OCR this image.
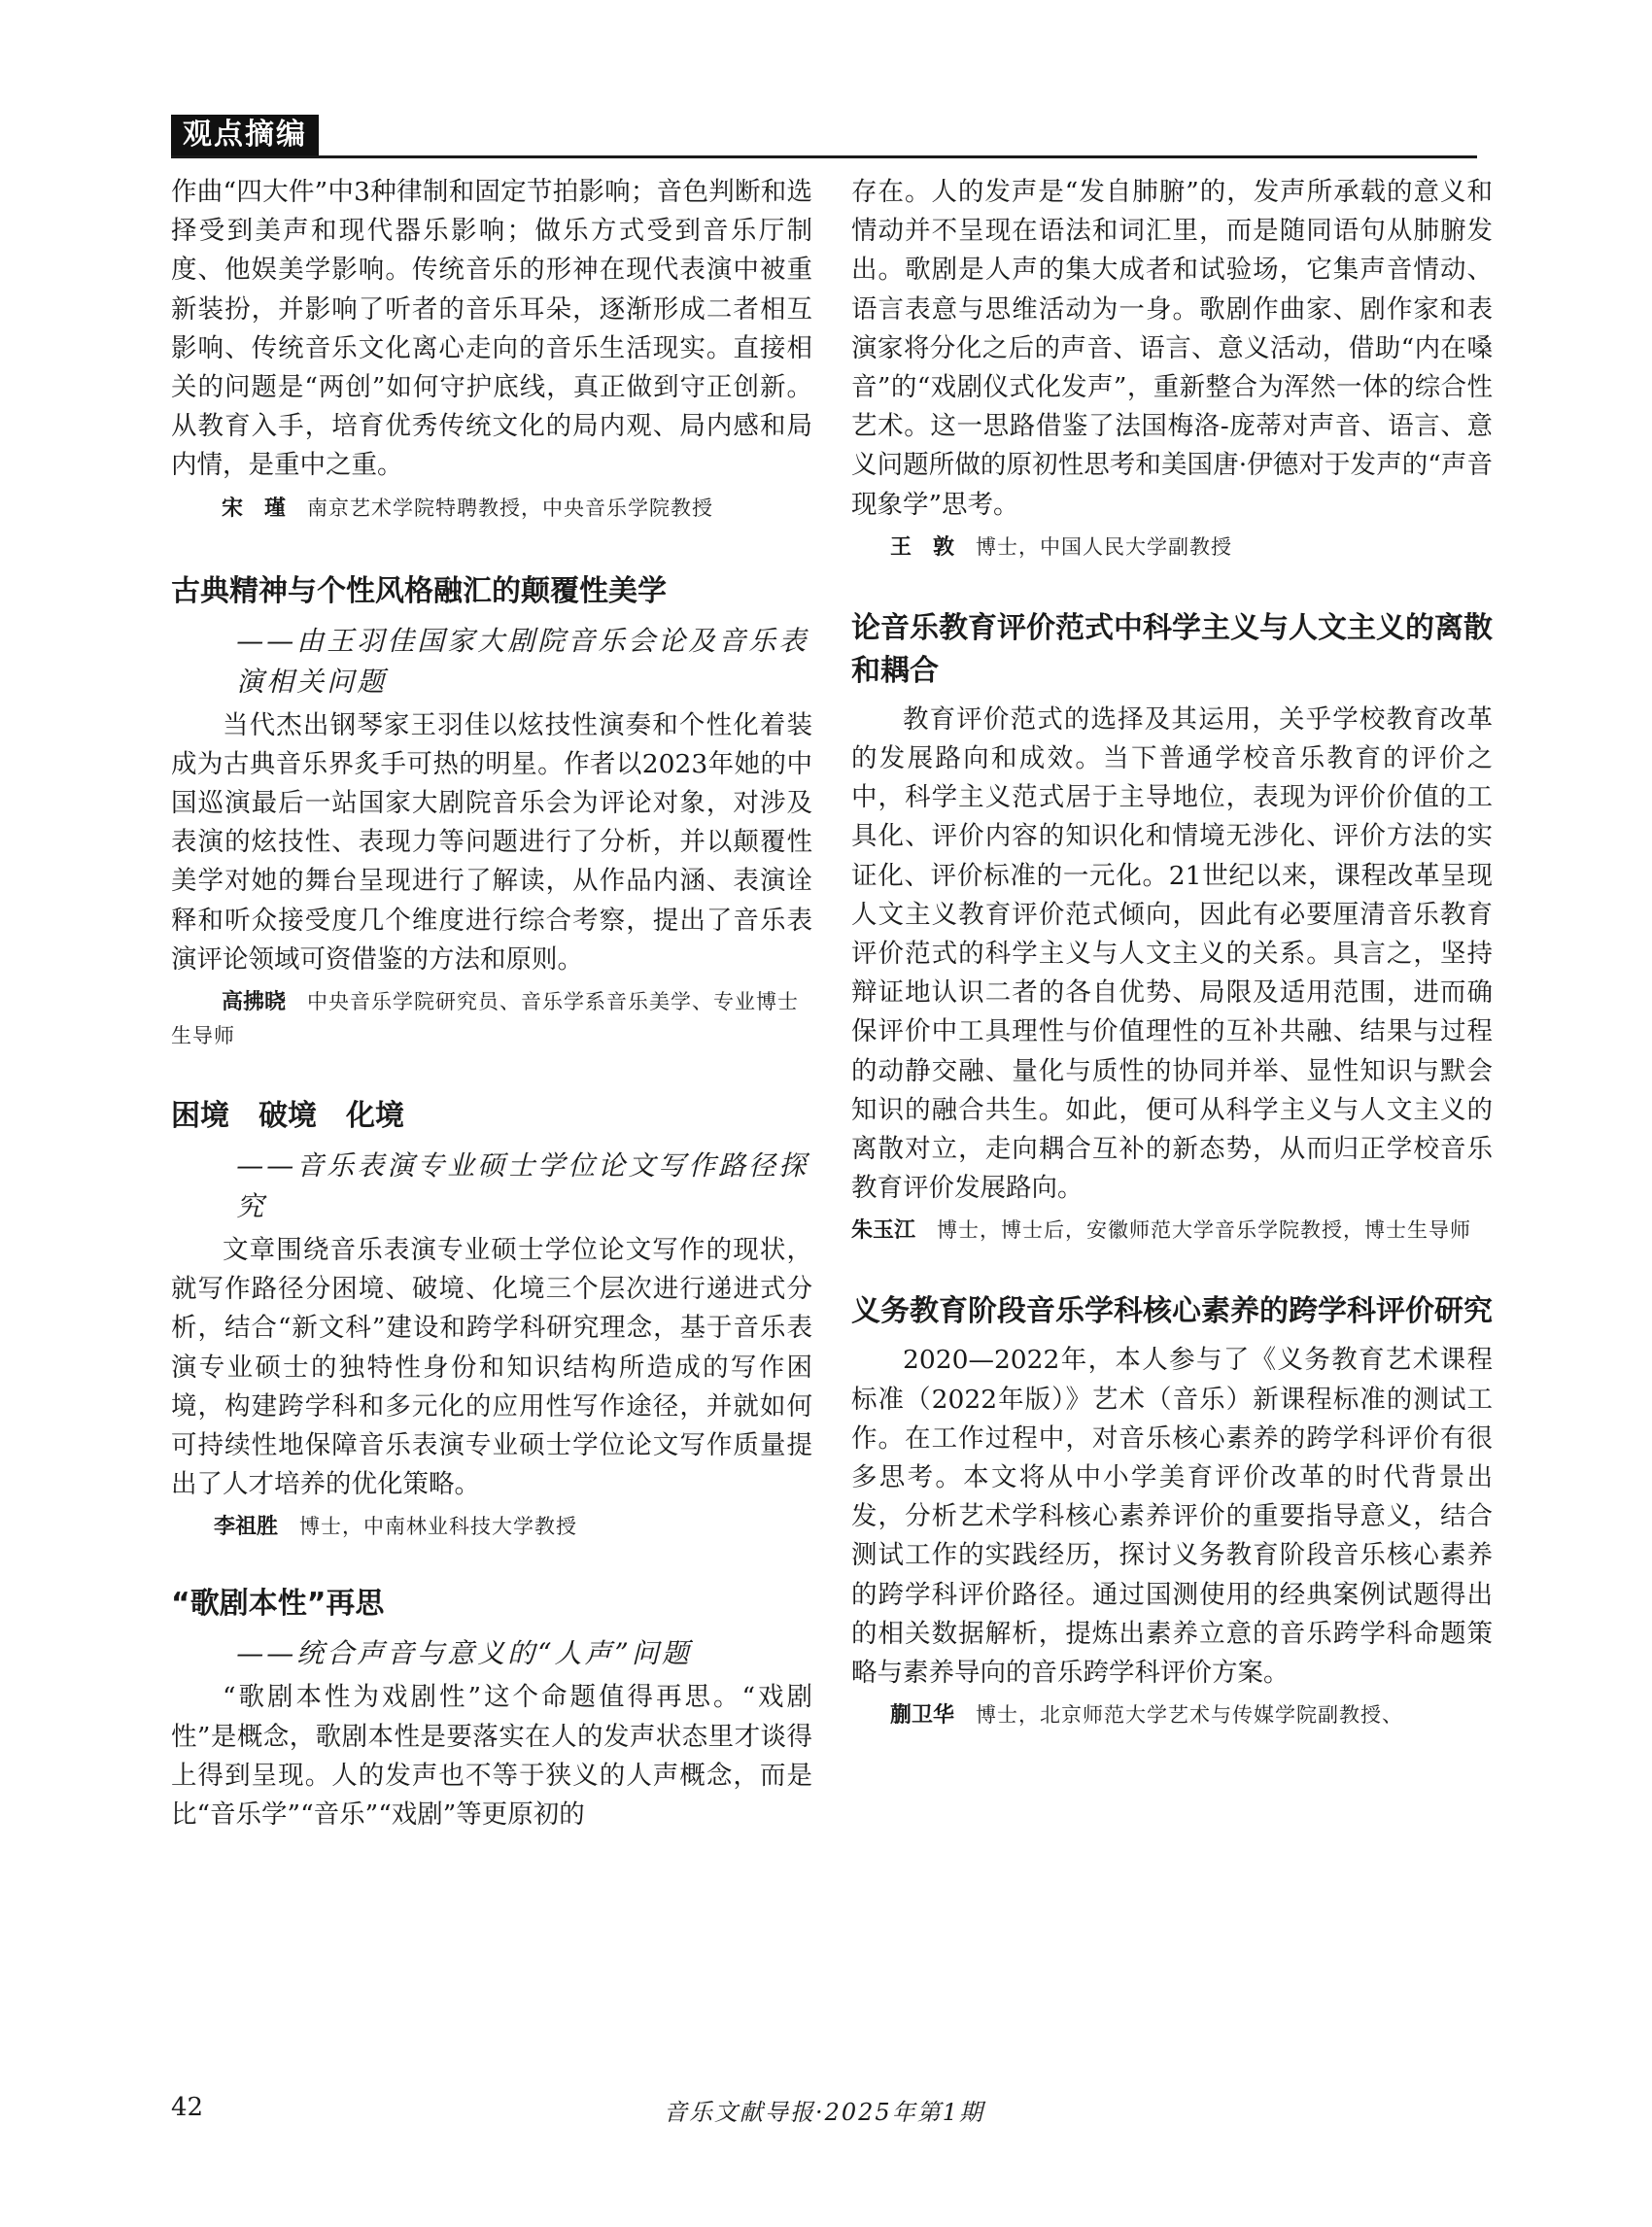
观点摘编

作曲“四大件”中3种律制和固定节拍影响；音色判断和选择受到美声和现代器乐影响；做乐方式受到音乐厅制度、他娱美学影响。传统音乐的形神在现代表演中被重新装扮，并影响了听者的音乐耳朵，逐渐形成二者相互影响、传统音乐文化离心走向的音乐生活现实。直接相关的问题是“两创”如何守护底线，真正做到守正创新。从教育入手，培育优秀传统文化的局内观、局内感和局内情，是重中之重。

宋　瑾 南京艺术学院特聘教授，中央音乐学院教授
古典精神与个性风格融汇的颠覆性美学
——由王羽佳国家大剧院音乐会论及音乐表演相关问题

当代杰出钢琴家王羽佳以炫技性演奏和个性化着装成为古典音乐界炙手可热的明星。作者以2023年她的中国巡演最后一站国家大剧院音乐会为评论对象，对涉及表演的炫技性、表现力等问题进行了分析，并以颠覆性美学对她的舞台呈现进行了解读，从作品内涵、表演诠释和听众接受度几个维度进行综合考察，提出了音乐表演评论领域可资借鉴的方法和原则。

高拂晓 中央音乐学院研究员、音乐学系音乐美学、专业博士生导师
困境　破境　化境
——音乐表演专业硕士学位论文写作路径探究

文章围绕音乐表演专业硕士学位论文写作的现状，就写作路径分困境、破境、化境三个层次进行递进式分析，结合“新文科”建设和跨学科研究理念，基于音乐表演专业硕士的独特性身份和知识结构所造成的写作困境，构建跨学科和多元化的应用性写作途径，并就如何可持续性地保障音乐表演专业硕士学位论文写作质量提出了人才培养的优化策略。

李祖胜 博士，中南林业科技大学教授
“歌剧本性”再思
——统合声音与意义的“人声”问题

“歌剧本性为戏剧性”这个命题值得再思。“戏剧性”是概念，歌剧本性是要落实在人的发声状态里才谈得上得到呈现。人的发声也不等于狭义的人声概念，而是比“音乐学”“音乐”“戏剧”等更原初的

存在。人的发声是“发自肺腑”的，发声所承载的意义和情动并不呈现在语法和词汇里，而是随同语句从肺腑发出。歌剧是人声的集大成者和试验场，它集声音情动、语言表意与思维活动为一身。歌剧作曲家、剧作家和表演家将分化之后的声音、语言、意义活动，借助“内在嗓音”的“戏剧仪式化发声”，重新整合为浑然一体的综合性艺术。这一思路借鉴了法国梅洛-庞蒂对声音、语言、意义问题所做的原初性思考和美国唐·伊德对于发声的“声音现象学”思考。

王　敦 博士，中国人民大学副教授
论音乐教育评价范式中科学主义与人文主义的离散和耦合

教育评价范式的选择及其运用，关乎学校教育改革的发展路向和成效。当下普通学校音乐教育的评价之中，科学主义范式居于主导地位，表现为评价价值的工具化、评价内容的知识化和情境无涉化、评价方法的实证化、评价标准的一元化。21世纪以来，课程改革呈现人文主义教育评价范式倾向，因此有必要厘清音乐教育评价范式的科学主义与人文主义的关系。具言之，坚持辩证地认识二者的各自优势、局限及适用范围，进而确保评价中工具理性与价值理性的互补共融、结果与过程的动静交融、量化与质性的协同并举、显性知识与默会知识的融合共生。如此，便可从科学主义与人文主义的离散对立，走向耦合互补的新态势，从而归正学校音乐教育评价发展路向。

朱玉江 博士，博士后，安徽师范大学音乐学院教授，博士生导师
义务教育阶段音乐学科核心素养的跨学科评价研究

2020—2022年，本人参与了《义务教育艺术课程标准（2022年版）》艺术（音乐）新课程标准的测试工作。在工作过程中，对音乐核心素养的跨学科评价有很多思考。本文将从中小学美育评价改革的时代背景出发，分析艺术学科核心素养评价的重要指导意义，结合测试工作的实践经历，探讨义务教育阶段音乐核心素养的跨学科评价路径。通过国测使用的经典案例试题得出的相关数据解析，提炼出素养立意的音乐跨学科命题策略与素养导向的音乐跨学科评价方案。

蒯卫华 博士，北京师范大学艺术与传媒学院副教授、
42	音乐文献导报·2025年第1期
